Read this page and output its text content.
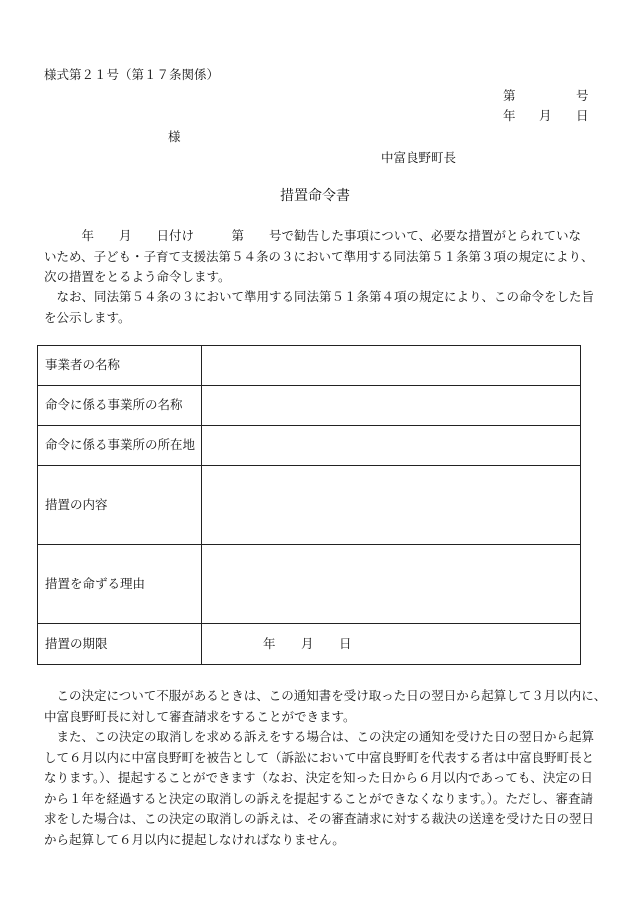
様式第２１号（第１７条関係）
第	号
年 月 日
様
中富良野町長
措置命令書
　　　年　　月　　日付け　　　第　　号で勧告した事項について、必要な措置がとられていな
いため、子ども・子育て支援法第５４条の３において準用する同法第５１条第３項の規定により、
次の措置をとるよう命令します。
　なお、同法第５４条の３において準用する同法第５１条第４項の規定により、この命令をした旨
を公示します。
事業者の名称	
命令に係る事業所の名称	
命令に係る事業所の所在地	
措置の内容	
措置を命ずる理由	
措置の期限	年 月 日
　この決定について不服があるときは、この通知書を受け取った日の翌日から起算して３月以内に、
中富良野町長に対して審査請求をすることができます。
　また、この決定の取消しを求める訴えをする場合は、この決定の通知を受けた日の翌日から起算
して６月以内に中富良野町を被告として（訴訟において中富良野町を代表する者は中富良野町長と
なります。）、提起することができます（なお、決定を知った日から６月以内であっても、決定の日
から１年を経過すると決定の取消しの訴えを提起することができなくなります。）。ただし、審査請
求をした場合は、この決定の取消しの訴えは、その審査請求に対する裁決の送達を受けた日の翌日
から起算して６月以内に提起しなければなりません。
